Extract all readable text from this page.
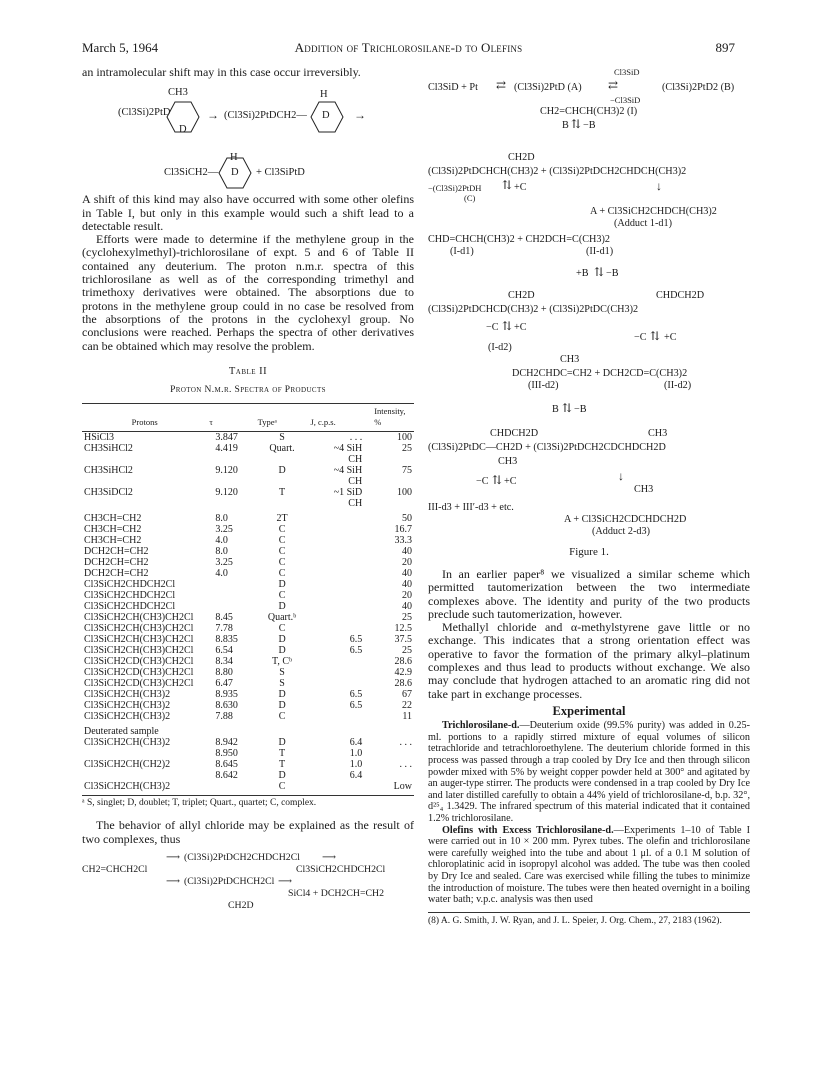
March 5, 1964	Addition of Trichlorosilane-d to Olefins	897

an intramolecular shift may in this case occur irreversibly.

CH3
(Cl3Si)2PtD
D
→ (Cl3Si)2PtDCH2—
H
D →
H
Cl3SiCH2— D + Cl3SiPtD

A shift of this kind may also have occurred with some other olefins in Table I, but only in this example would such a shift lead to a detectable result.

Efforts were made to determine if the methylene group in the (cyclohexylmethyl)-trichlorosilane of expt. 5 and 6 of Table II contained any deuterium. The proton n.m.r. spectra of this trichlorosilane as well as of the corresponding trimethyl and trimethoxy derivatives were obtained. The absorptions due to protons in the methylene group could in no case be resolved from the absorptions of the protons in the cyclohexyl group. No conclusions were reached. Perhaps the spectra of other derivatives can be obtained which may resolve the problem.

Table II
Proton N.m.r. Spectra of Products
Protons	τ	Typeᵃ	J, c.p.s.	Intensity, %
HSiCl3	3.847	S	. . .	100
CH3SiHCl2	4.419	Quart.	~4 SiH	25
			CH	
CH3SiHCl2	9.120	D	~4 SiH	75
			CH	
CH3SiDCl2	9.120	T	~1 SiD	100
			CH	
CH3CH=CH2	8.0	2T		50
CH3CH=CH2	3.25	C		16.7
CH3CH=CH2	4.0	C		33.3
DCH2CH=CH2	8.0	C		40
DCH2CH=CH2	3.25	C		20
DCH2CH=CH2	4.0	C		40
Cl3SiCH2CHDCH2Cl		D		40
Cl3SiCH2CHDCH2Cl		C		20
Cl3SiCH2CHDCH2Cl		D		40
Cl3SiCH2CH(CH3)CH2Cl	8.45	Quart.ᵇ		25
Cl3SiCH2CH(CH3)CH2Cl	7.78	C		12.5
Cl3SiCH2CH(CH3)CH2Cl	8.835	D	6.5	37.5
Cl3SiCH2CH(CH3)CH2Cl	6.54	D	6.5	25
Cl3SiCH2CD(CH3)CH2Cl	8.34	T, Cᵇ		28.6
Cl3SiCH2CD(CH3)CH2Cl	8.80	S		42.9
Cl3SiCH2CD(CH3)CH2Cl	6.47	S		28.6
Cl3SiCH2CH(CH3)2	8.935	D	6.5	67
Cl3SiCH2CH(CH3)2	8.630	D	6.5	22
Cl3SiCH2CH(CH3)2	7.88	C		11
Deuterated sample				
Cl3SiCH2CH(CH3)2	8.942	D	6.4	. . .
	8.950	T	1.0	
Cl3SiCH2CH(CH2)2	8.645	T	1.0	. . .
	8.642	D	6.4	
Cl3SiCH2CH(CH3)2		C		Low
ᵃ S, singlet; D, doublet; T, triplet; Quart., quartet; C, complex.

The behavior of allyl chloride may be explained as the result of two complexes, thus

CH2=CHCH2Cl
⟶ (Cl3Si)2PtDCH2CHDCH2Cl ⟶
Cl3SiCH2CHDCH2Cl
⟶ (Cl3Si)2PtDCHCH2Cl ⟶
SiCl4 + DCH2CH=CH2
CH2D
Cl3SiD
Cl3SiD + Pt ⇄ (Cl3Si)2PtD (A) ⇄	(Cl3Si)2PtD2 (B)
−Cl3SiD
CH2=CHCH(CH3)2 (I)
B ⇅ −B
CH2D
(Cl3Si)2PtDCHCH(CH3)2 + (Cl3Si)2PtDCH2CHDCH(CH3)2
−(Cl3Si)2PtDH ⇅ +C
(C)
↓
A + Cl3SiCH2CHDCH(CH3)2
(Adduct 1-d1)
CHD=CHCH(CH3)2 + CH2DCH=C(CH3)2
(I-d1)	(II-d1)
+B ⇅ −B
CH2D	CHDCH2D
(Cl3Si)2PtDCHCD(CH3)2 + (Cl3Si)2PtDC(CH3)2
−C ⇅ +C
(I-d2)
−C ⇅ +C
CH3
DCH2CHDC=CH2 + DCH2CD=C(CH3)2
(III-d2)	(II-d2)
B ⇅ −B
CHDCH2D	CH3
(Cl3Si)2PtDC—CH2D + (Cl3Si)2PtDCH2CDCHDCH2D
CH3
−C ⇅ +C	↓
CH3
III-d3 + III′-d3 + etc.
A + Cl3SiCH2CDCHDCH2D
(Adduct 2-d3)
Figure 1.

In an earlier paper⁸ we visualized a similar scheme which permitted tautomerization between the two intermediate complexes above. The identity and purity of the two products preclude such tautomerization, however.

Methallyl chloride and α-methylstyrene gave little or no exchange. This indicates that a strong orientation effect was operative to favor the formation of the primary alkyl–platinum complexes and thus lead to products without exchange. We also may conclude that hydrogen attached to an aromatic ring did not take part in exchange processes.

Experimental

Trichlorosilane-d.—Deuterium oxide (99.5% purity) was added in 0.25-ml. portions to a rapidly stirred mixture of equal volumes of silicon tetrachloride and tetrachloroethylene. The deuterium chloride formed in this process was passed through a trap cooled by Dry Ice and then through silicon powder mixed with 5% by weight copper powder held at 300° and agitated by an auger-type stirrer. The products were condensed in a trap cooled by Dry Ice and later distilled carefully to obtain a 44% yield of trichlorosilane-d, b.p. 32°, d²⁵₄ 1.3429. The infrared spectrum of this material indicated that it contained 1.2% trichlorosilane.

Olefins with Excess Trichlorosilane-d.—Experiments 1–10 of Table I were carried out in 10 × 200 mm. Pyrex tubes. The olefin and trichlorosilane were carefully weighed into the tube and about 1 μl. of a 0.1 M solution of chloroplatinic acid in isopropyl alcohol was added. The tube was then cooled by Dry Ice and sealed. Care was exercised while filling the tubes to minimize the introduction of moisture. The tubes were then heated overnight in a boiling water bath; v.p.c. analysis was then used

(8) A. G. Smith, J. W. Ryan, and J. L. Speier, J. Org. Chem., 27, 2183 (1962).
